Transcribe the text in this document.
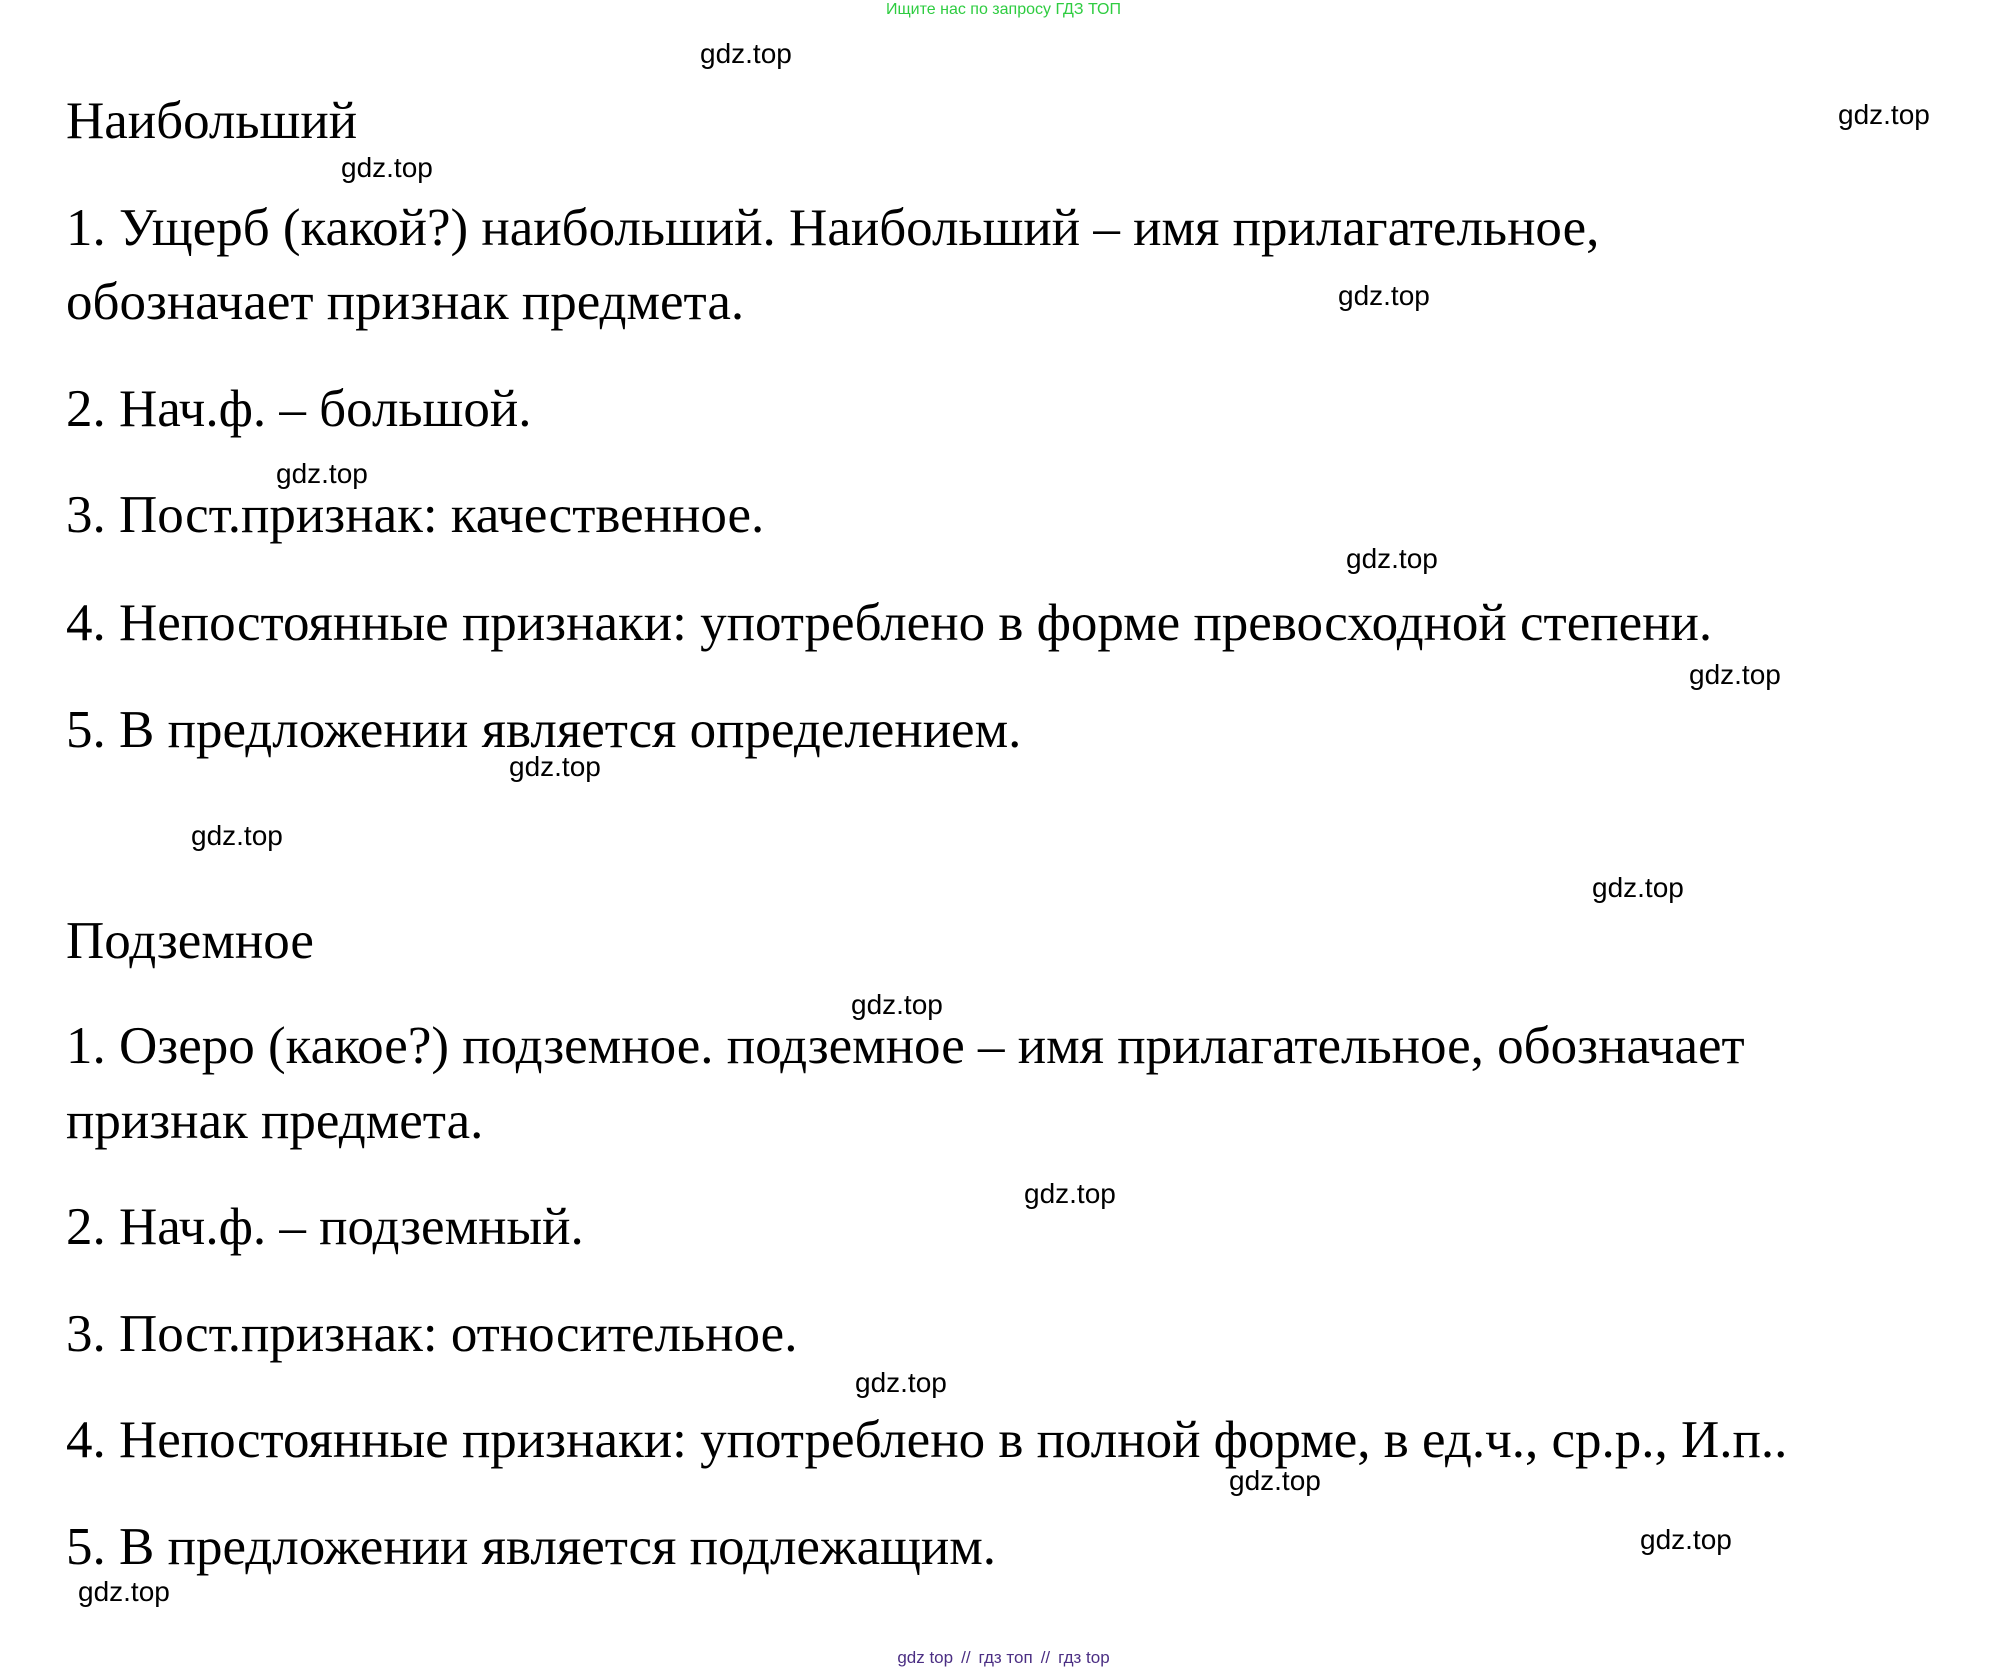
Ищите нас по запросу ГДЗ ТОП
Наибольший
1. Ущерб (какой?) наибольший. Наибольший – имя прилагательное,
обозначает признак предмета.
2. Нач.ф. – большой.
3. Пост.признак: качественное.
4. Непостоянные признаки: употреблено в форме превосходной степени.
5. В предложении является определением.
Подземное
1. Озеро (какое?) подземное. подземное – имя прилагательное, обозначает
признак предмета.
2. Нач.ф. – подземный.
3. Пост.признак: относительное.
4. Непостоянные признаки: употреблено в полной форме, в ед.ч., ср.р., И.п..
5. В предложении является подлежащим.
gdz.top
gdz.top
gdz.top
gdz.top
gdz.top
gdz.top
gdz.top
gdz.top
gdz.top
gdz.top
gdz.top
gdz.top
gdz.top
gdz.top
gdz.top
gdz.top
gdz top // гдз топ // гдз top
